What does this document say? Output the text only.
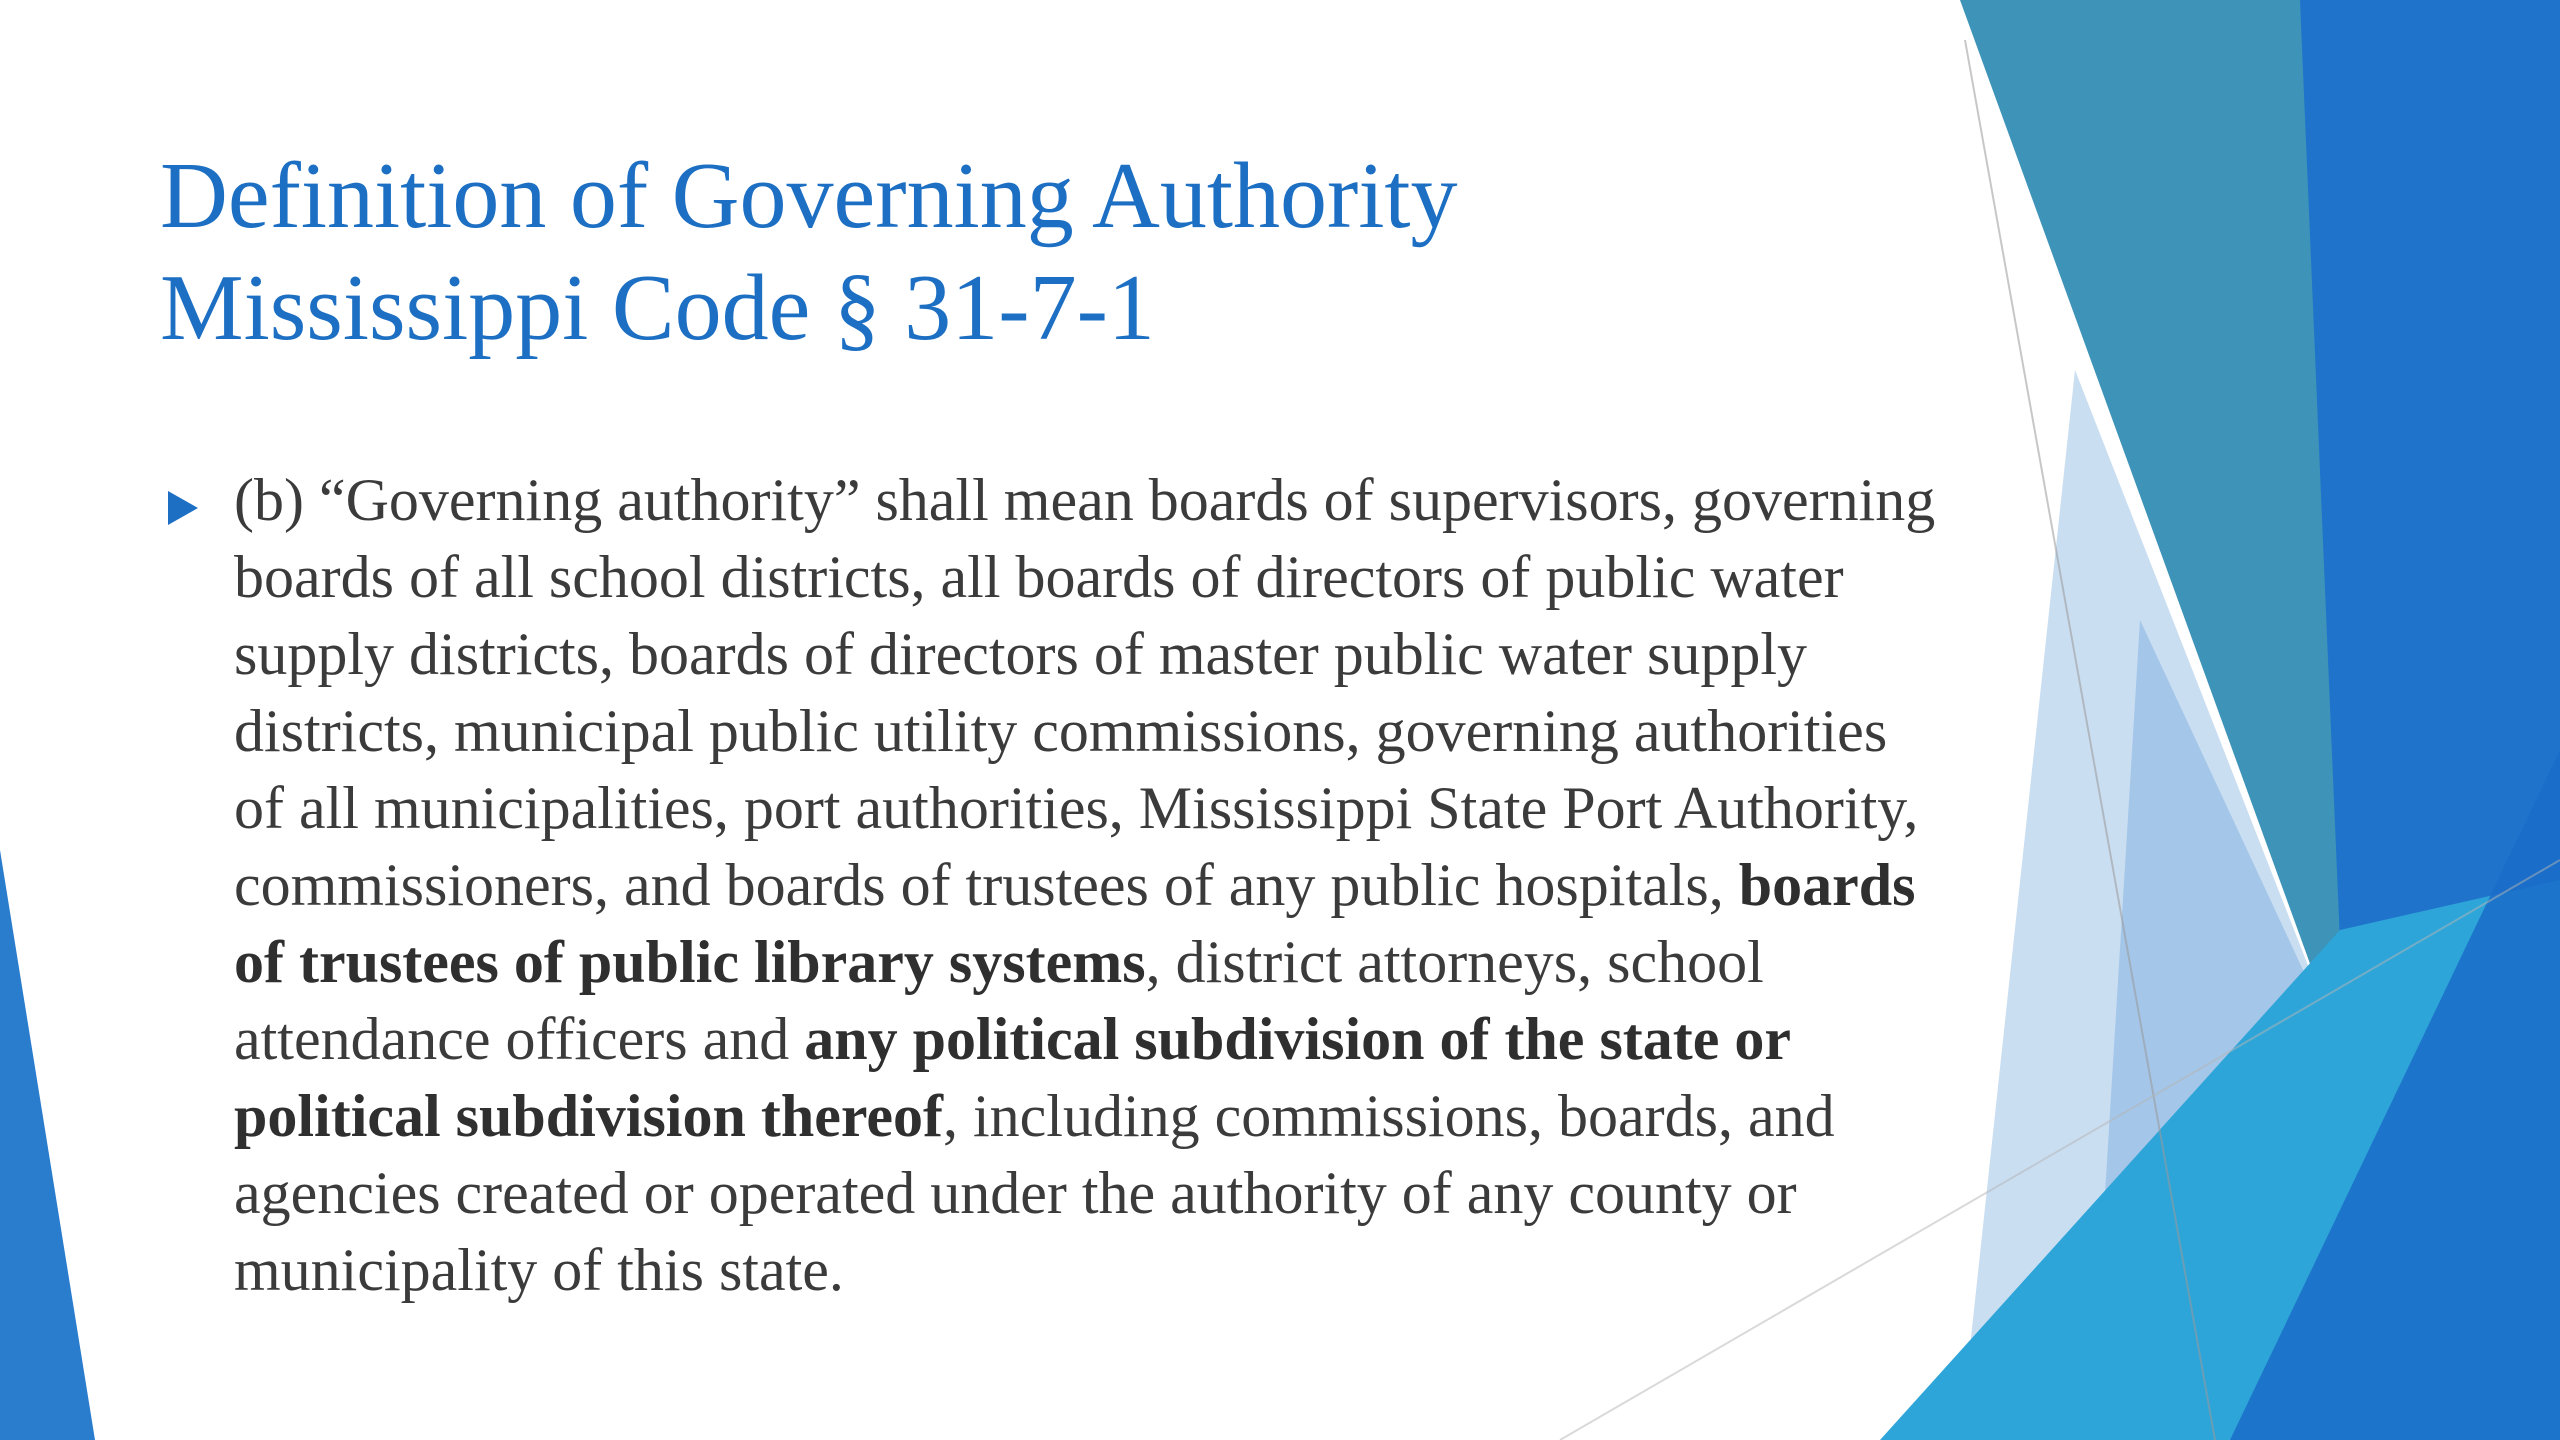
Definition of Governing Authority
Mississippi Code § 31-7-1

(b) “Governing authority” shall mean boards of supervisors, governing boards of all school districts, all boards of directors of public water supply districts, boards of directors of master public water supply districts, municipal public utility commissions, governing authorities of all municipalities, port authorities, Mississippi State Port Authority, commissioners, and boards of trustees of any public hospitals, boards of trustees of public library systems, district attorneys, school attendance officers and any political subdivision of the state or political subdivision thereof, including commissions, boards, and agencies created or operated under the authority of any county or municipality of this state.
